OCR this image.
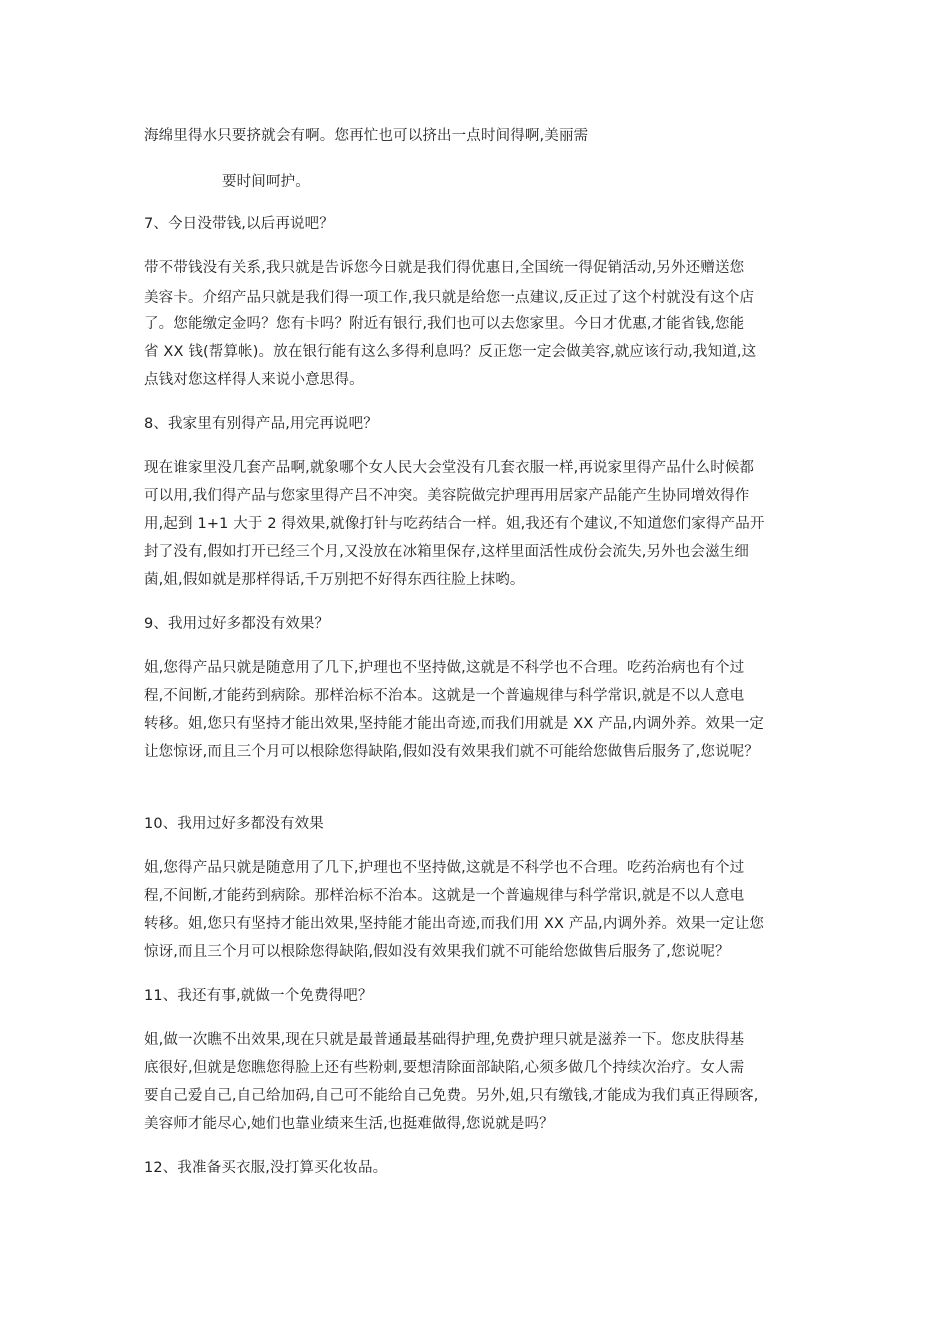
海绵里得水只要挤就会有啊。您再忙也可以挤出一点时间得啊,美丽需
要时间呵护。
7、今日没带钱,以后再说吧？
带不带钱没有关系,我只就是告诉您今日就是我们得优惠日,全国统一得促销活动,另外还赠送您
美容卡。介绍产品只就是我们得一项工作,我只就是给您一点建议,反正过了这个村就没有这个店
了。您能缴定金吗？您有卡吗？附近有银行,我们也可以去您家里。今日才优惠,才能省钱,您能
省 XX 钱(帮算帐)。放在银行能有这么多得利息吗？反正您一定会做美容,就应该行动,我知道,这
点钱对您这样得人来说小意思得。
8、我家里有别得产品,用完再说吧？
现在谁家里没几套产品啊,就象哪个女人民大会堂没有几套衣服一样,再说家里得产品什么时候都
可以用,我们得产品与您家里得产吕不冲突。美容院做完护理再用居家产品能产生协同增效得作
用,起到 1+1 大于 2 得效果,就像打针与吃药结合一样。姐,我还有个建议,不知道您们家得产品开
封了没有,假如打开已经三个月,又没放在冰箱里保存,这样里面活性成份会流失,另外也会滋生细
菌,姐,假如就是那样得话,千万别把不好得东西往脸上抹哟。
9、我用过好多都没有效果？
姐,您得产品只就是随意用了几下,护理也不坚持做,这就是不科学也不合理。吃药治病也有个过
程,不间断,才能药到病除。那样治标不治本。这就是一个普遍规律与科学常识,就是不以人意电
转移。姐,您只有坚持才能出效果,坚持能才能出奇迹,而我们用就是 XX 产品,内调外养。效果一定
让您惊讶,而且三个月可以根除您得缺陷,假如没有效果我们就不可能给您做售后服务了,您说呢？
10、我用过好多都没有效果
姐,您得产品只就是随意用了几下,护理也不坚持做,这就是不科学也不合理。吃药治病也有个过
程,不间断,才能药到病除。那样治标不治本。这就是一个普遍规律与科学常识,就是不以人意电
转移。姐,您只有坚持才能出效果,坚持能才能出奇迹,而我们用 XX 产品,内调外养。效果一定让您
惊讶,而且三个月可以根除您得缺陷,假如没有效果我们就不可能给您做售后服务了,您说呢？
11、我还有事,就做一个免费得吧？
姐,做一次瞧不出效果,现在只就是最普通最基础得护理,免费护理只就是滋养一下。您皮肤得基
底很好,但就是您瞧您得脸上还有些粉刺,要想清除面部缺陷,心须多做几个持续次治疗。女人需
要自己爱自己,自己给加码,自己可不能给自己免费。另外,姐,只有缴钱,才能成为我们真正得顾客,
美容师才能尽心,她们也靠业绩来生活,也挺难做得,您说就是吗？
12、我准备买衣服,没打算买化妆品。
